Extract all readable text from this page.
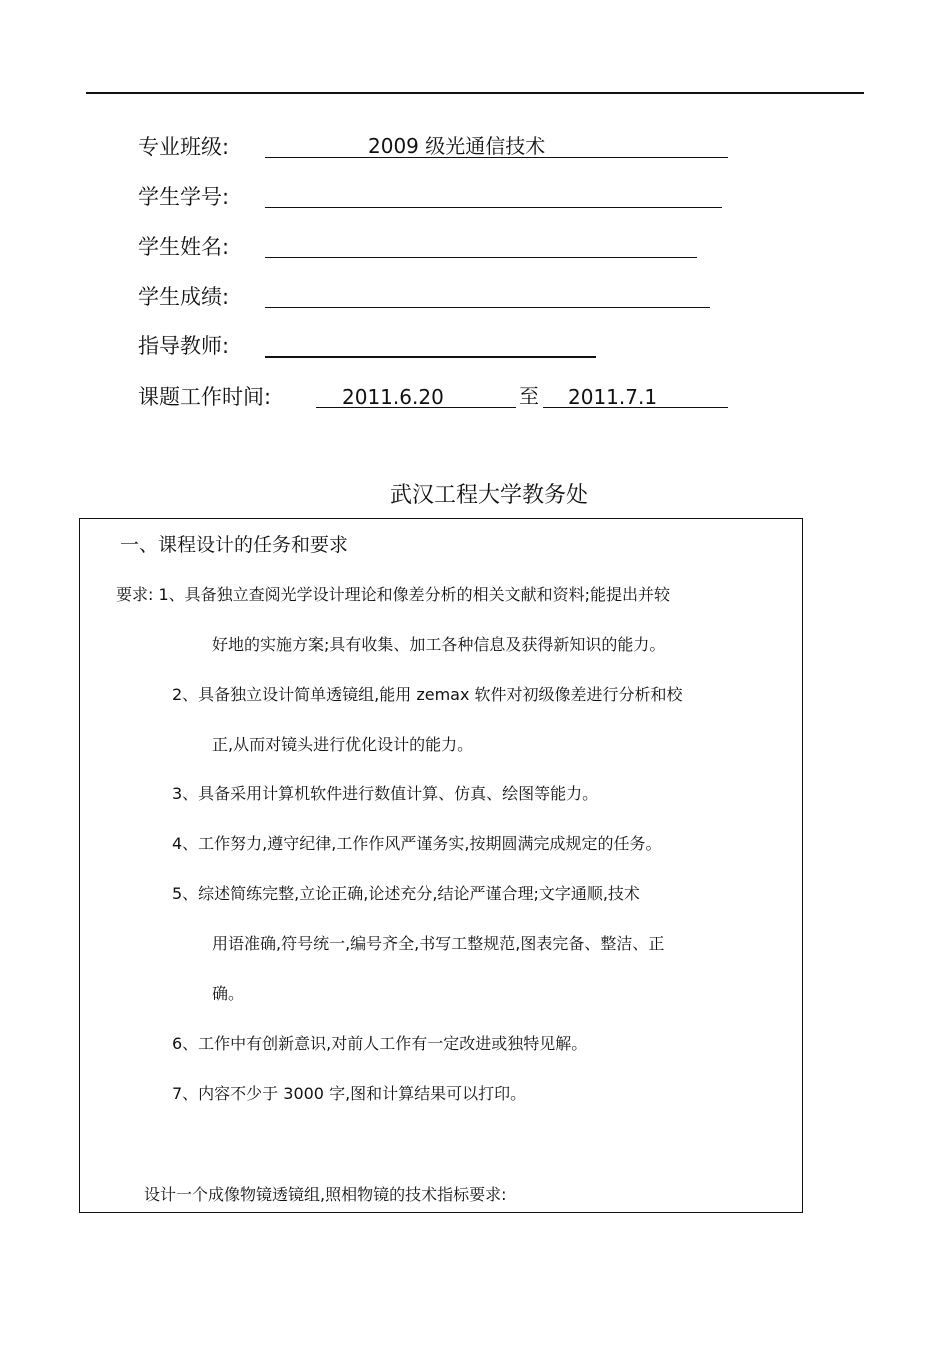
专业班级:	2009 级光通信技术
学生学号:
学生姓名:
学生成绩:
指导教师:
课题工作时间:	2011.6.20	至 2011.7.1
武汉工程大学教务处
一、课程设计的任务和要求
要求: 1、具备独立查阅光学设计理论和像差分析的相关文献和资料;能提出并较
好地的实施方案;具有收集、加工各种信息及获得新知识的能力。
2、具备独立设计简单透镜组,能用 zemax 软件对初级像差进行分析和校
正,从而对镜头进行优化设计的能力。
3、具备采用计算机软件进行数值计算、仿真、绘图等能力。
4、工作努力,遵守纪律,工作作风严谨务实,按期圆满完成规定的任务。
5、综述简练完整,立论正确,论述充分,结论严谨合理;文字通顺,技术
用语准确,符号统一,编号齐全,书写工整规范,图表完备、整洁、正
确。
6、工作中有创新意识,对前人工作有一定改进或独特见解。
7、内容不少于 3000 字,图和计算结果可以打印。
设计一个成像物镜透镜组,照相物镜的技术指标要求:
